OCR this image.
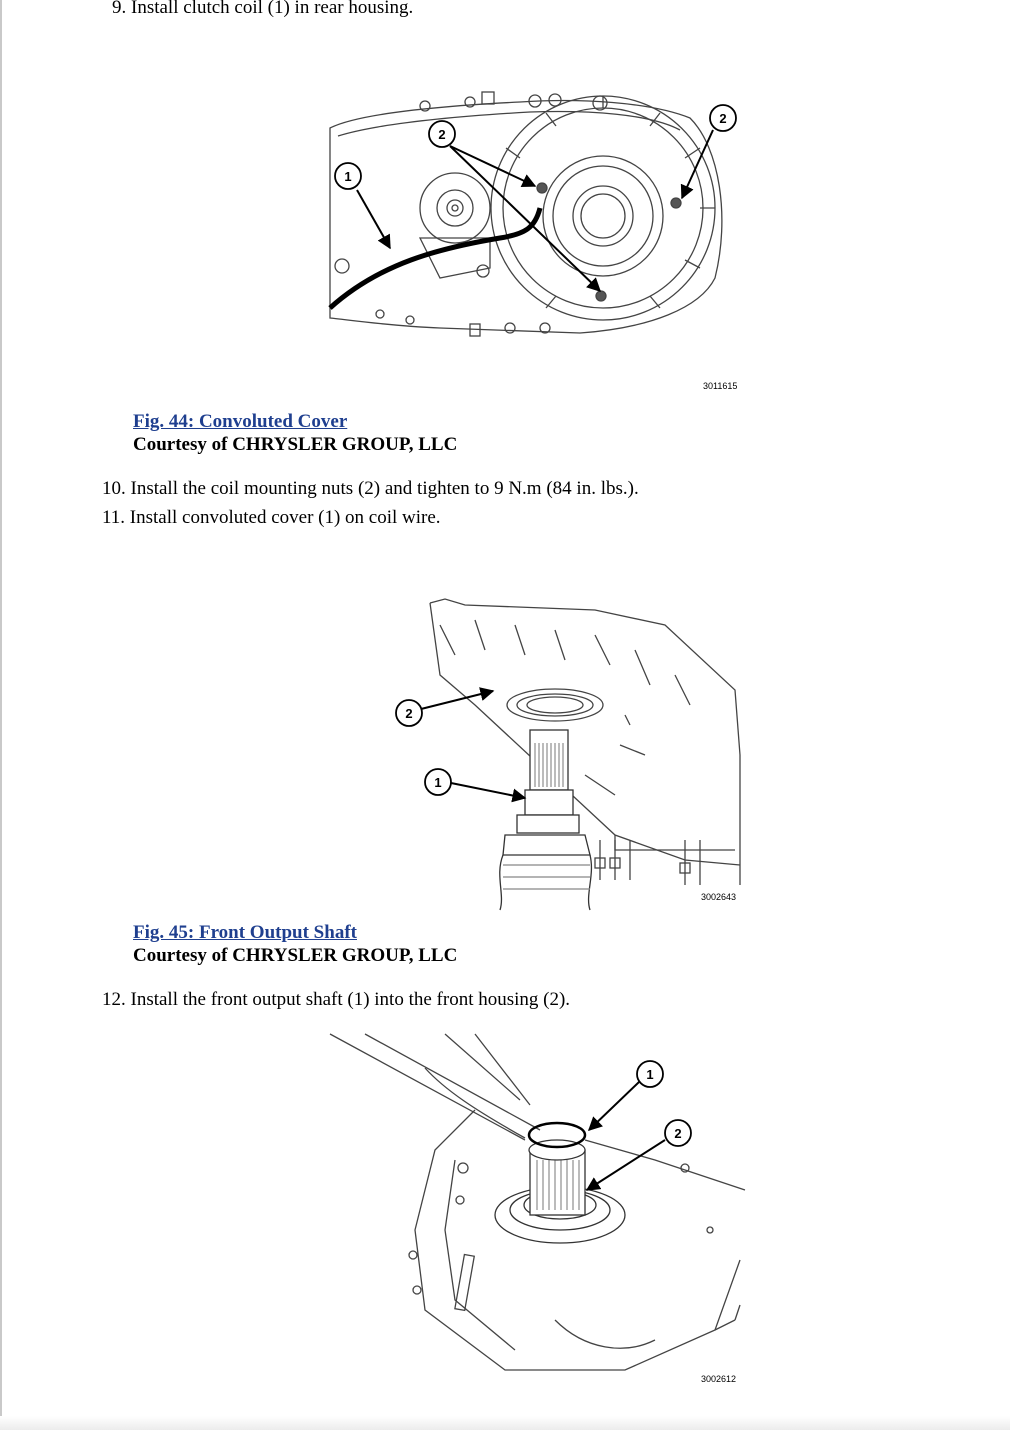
9. Install clutch coil (1) in rear housing.
1
2
2
3011615
Fig. 44: Convoluted Cover
Courtesy of CHRYSLER GROUP, LLC
10. Install the coil mounting nuts (2) and tighten to 9 N.m (84 in. lbs.).
11. Install convoluted cover (1) on coil wire.
2
1
3002643
Fig. 45: Front Output Shaft
Courtesy of CHRYSLER GROUP, LLC
12. Install the front output shaft (1) into the front housing (2).
1
2
3002612
